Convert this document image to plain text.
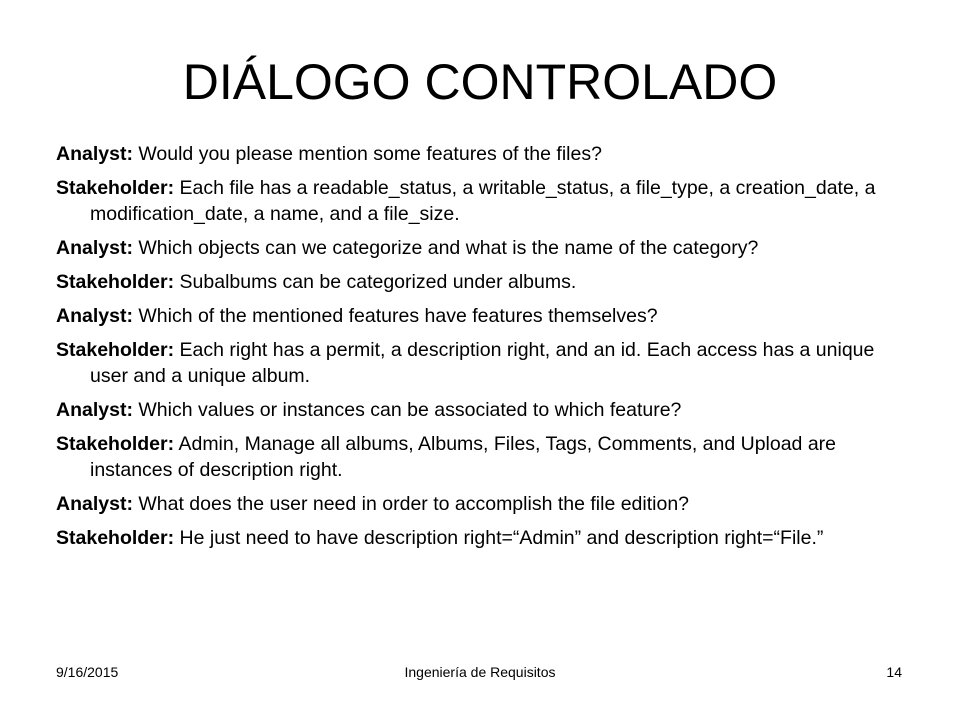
DIÁLOGO CONTROLADO

Analyst: Would you please mention some features of the files?

Stakeholder: Each file has a readable_status, a writable_status, a file_type, a creation_date, a modification_date, a name, and a file_size.

Analyst: Which objects can we categorize and what is the name of the category?

Stakeholder: Subalbums can be categorized under albums.

Analyst: Which of the mentioned features have features themselves?

Stakeholder: Each right has a permit, a description right, and an id. Each access has a unique user and a unique album.

Analyst: Which values or instances can be associated to which feature?

Stakeholder: Admin, Manage all albums, Albums, Files, Tags, Comments, and Upload are instances of description right.

Analyst: What does the user need in order to accomplish the file edition?

Stakeholder: He just need to have description right=“Admin” and description right=“File.”

9/16/2015	Ingeniería de Requisitos	14
